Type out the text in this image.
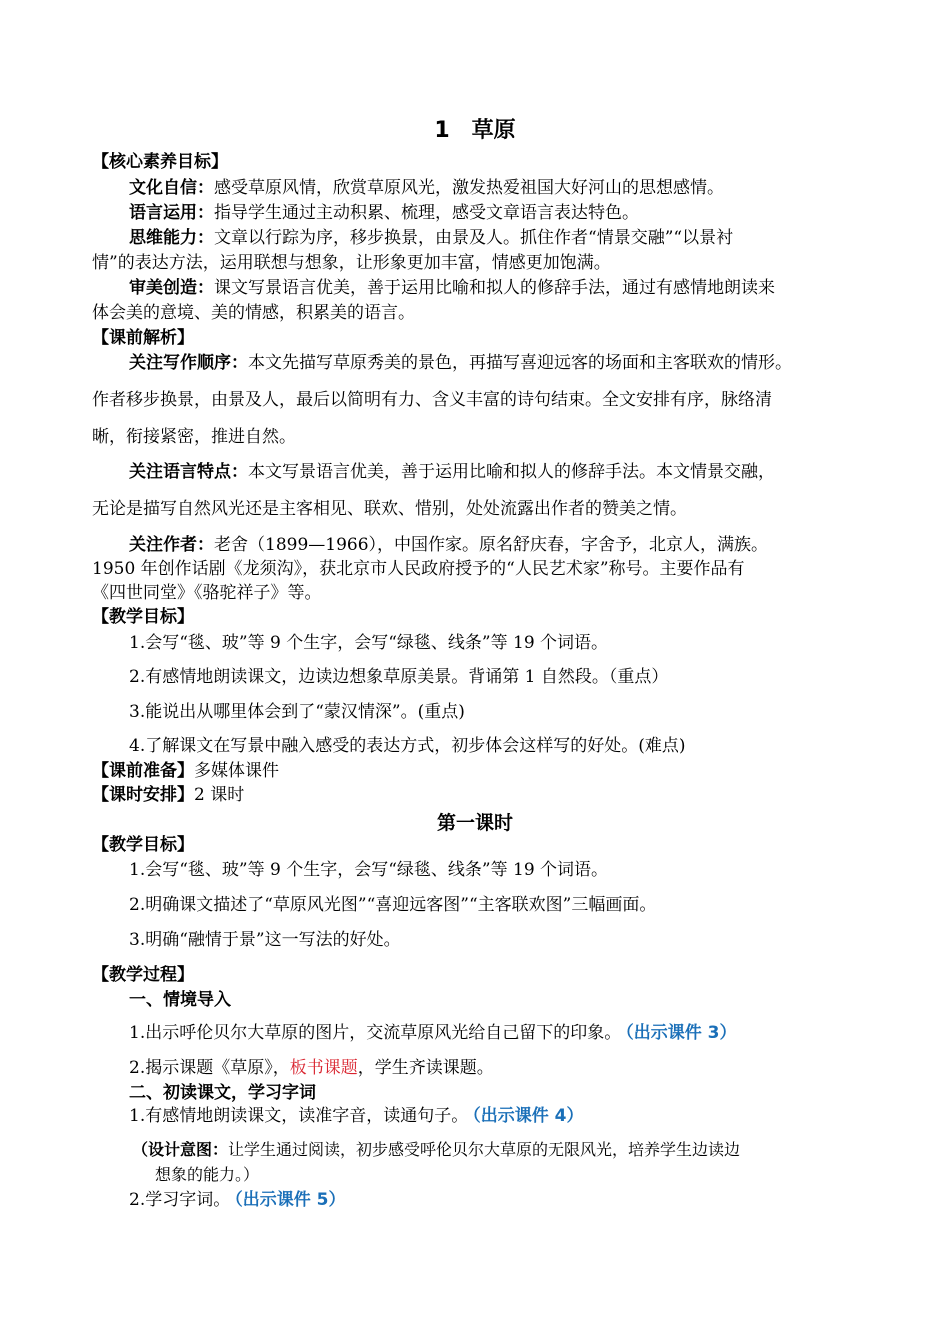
1　草原
【核心素养目标】
文化自信：感受草原风情，欣赏草原风光，激发热爱祖国大好河山的思想感情。
语言运用：指导学生通过主动积累、梳理，感受文章语言表达特色。
思维能力：文章以行踪为序，移步换景，由景及人。抓住作者“情景交融”“以景衬
情”的表达方法，运用联想与想象，让形象更加丰富，情感更加饱满。
审美创造：课文写景语言优美，善于运用比喻和拟人的修辞手法，通过有感情地朗读来
体会美的意境、美的情感，积累美的语言。
【课前解析】
关注写作顺序：本文先描写草原秀美的景色，再描写喜迎远客的场面和主客联欢的情形。
作者移步换景，由景及人，最后以简明有力、含义丰富的诗句结束。全文安排有序，脉络清
晰，衔接紧密，推进自然。
关注语言特点：本文写景语言优美，善于运用比喻和拟人的修辞手法。本文情景交融，
无论是描写自然风光还是主客相见、联欢、惜别，处处流露出作者的赞美之情。
关注作者：老舍（1899—1966），中国作家。原名舒庆春，字舍予，北京人，满族。
1950 年创作话剧《龙须沟》，获北京市人民政府授予的“人民艺术家”称号。主要作品有
《四世同堂》《骆驼祥子》等。
【教学目标】
1.会写“毯、玻”等 9 个生字，会写“绿毯、线条”等 19 个词语。
2.有感情地朗读课文，边读边想象草原美景。背诵第 1 自然段。（重点）
3.能说出从哪里体会到了“蒙汉情深”。(重点)
4.了解课文在写景中融入感受的表达方式，初步体会这样写的好处。(难点)
【课前准备】多媒体课件
【课时安排】2 课时
第一课时
【教学目标】
1.会写“毯、玻”等 9 个生字，会写“绿毯、线条”等 19 个词语。
2.明确课文描述了“草原风光图”“喜迎远客图”“主客联欢图”三幅画面。
3.明确“融情于景”这一写法的好处。
【教学过程】
一、情境导入
1.出示呼伦贝尔大草原的图片，交流草原风光给自己留下的印象。 （出示课件 3）
2.揭示课题《草原》，板书课题，学生齐读课题。
二、初读课文，学习字词
1.有感情地朗读课文，读准字音，读通句子。 （出示课件 4）
（设计意图：让学生通过阅读，初步感受呼伦贝尔大草原的无限风光，培养学生边读边
想象的能力。）
2.学习字词。 （出示课件 5）
